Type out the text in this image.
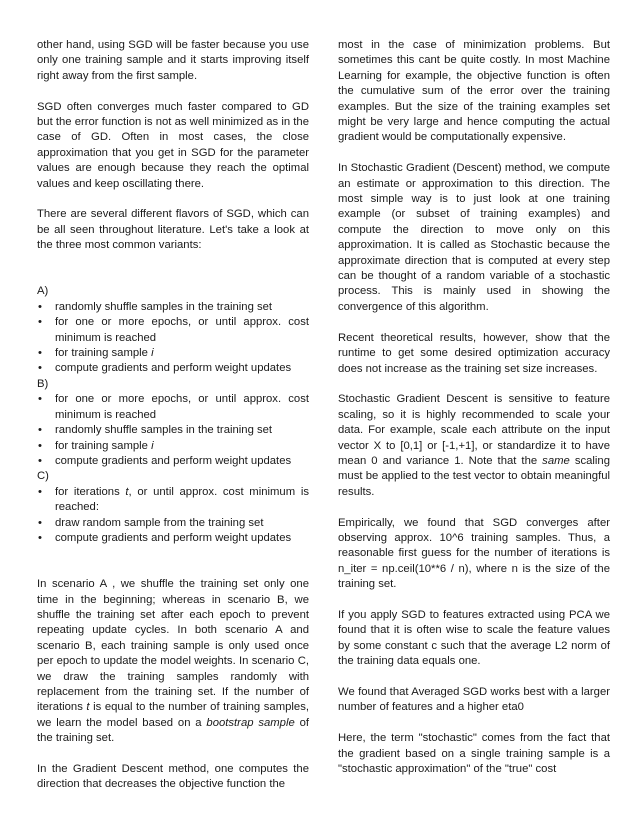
other hand, using SGD will be faster because you use only one training sample and it starts improving itself right away from the first sample.

SGD often converges much faster compared to GD but the error function is not as well minimized as in the case of GD. Often in most cases, the close approximation that you get in SGD for the parameter values are enough because they reach the optimal values and keep oscillating there.

There are several different flavors of SGD, which can be all seen throughout literature. Let's take a look at the three most common variants:

A)
• randomly shuffle samples in the training set
• for one or more epochs, or until approx. cost minimum is reached
• for training sample i
• compute gradients and perform weight updates
B)
• for one or more epochs, or until approx. cost minimum is reached
• randomly shuffle samples in the training set
• for training sample i
• compute gradients and perform weight updates
C)
• for iterations t, or until approx. cost minimum is reached:
• draw random sample from the training set
• compute gradients and perform weight updates

In scenario A , we shuffle the training set only one time in the beginning; whereas in scenario B, we shuffle the training set after each epoch to prevent repeating update cycles. In both scenario A and scenario B, each training sample is only used once per epoch to update the model weights. In scenario C, we draw the training samples randomly with replacement from the training set. If the number of iterations t is equal to the number of training samples, we learn the model based on a bootstrap sample of the training set.

In the Gradient Descent method, one computes the direction that decreases the objective function the

most in the case of minimization problems. But sometimes this cant be quite costly. In most Machine Learning for example, the objective function is often the cumulative sum of the error over the training examples. But the size of the training examples set might be very large and hence computing the actual gradient would be computationally expensive.

In Stochastic Gradient (Descent) method, we compute an estimate or approximation to this direction. The most simple way is to just look at one training example (or subset of training examples) and compute the direction to move only on this approximation. It is called as Stochastic because the approximate direction that is computed at every step can be thought of a random variable of a stochastic process. This is mainly used in showing the convergence of this algorithm.

Recent theoretical results, however, show that the runtime to get some desired optimization accuracy does not increase as the training set size increases.

Stochastic Gradient Descent is sensitive to feature scaling, so it is highly recommended to scale your data. For example, scale each attribute on the input vector X to [0,1] or [-1,+1], or standardize it to have mean 0 and variance 1. Note that the same scaling must be applied to the test vector to obtain meaningful results.

Empirically, we found that SGD converges after observing approx. 10^6 training samples. Thus, a reasonable first guess for the number of iterations is n_iter = np.ceil(10**6 / n), where n is the size of the training set.

If you apply SGD to features extracted using PCA we found that it is often wise to scale the feature values by some constant c such that the average L2 norm of the training data equals one.

We found that Averaged SGD works best with a larger number of features and a higher eta0

Here, the term "stochastic" comes from the fact that the gradient based on a single training sample is a "stochastic approximation" of the "true" cost
